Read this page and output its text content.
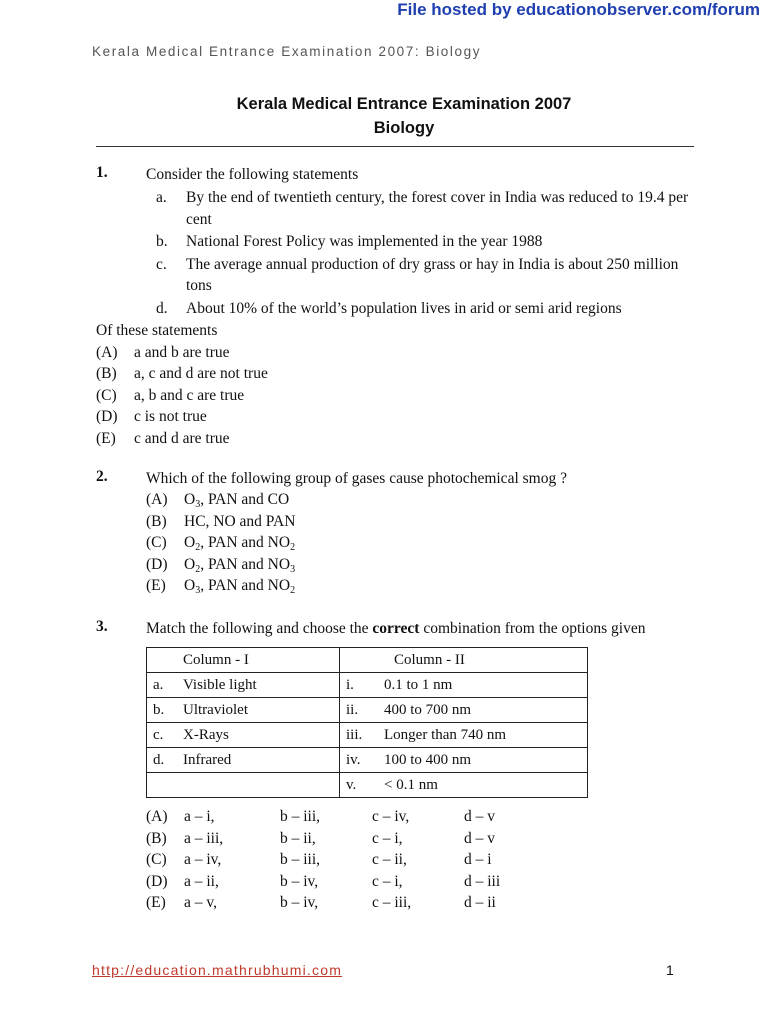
File hosted by educationobserver.com/forum
Kerala Medical Entrance Examination 2007: Biology
Kerala Medical Entrance Examination 2007
Biology
1. Consider the following statements
a. By the end of twentieth century, the forest cover in India was reduced to 19.4 per cent
b. National Forest Policy was implemented in the year 1988
c. The average annual production of dry grass or hay in India is about 250 million tons
d. About 10% of the world’s population lives in arid or semi arid regions
Of these statements
(A) a and b are true
(B) a, c and d are not true
(C) a, b and c are true
(D) c is not true
(E) c and d are true
2. Which of the following group of gases cause photochemical smog ?
(A) $O_3$, PAN and CO
(B) HC, NO and PAN
(C) $O_2$, PAN and $NO_2$
(D) $O_2$, PAN and $NO_3$
(E) $O_3$, PAN and $NO_2$
3. Match the following and choose the correct combination from the options given
Column - I	Column - II
a. Visible light	i. 0.1 to 1 nm
b. Ultraviolet	ii. 400 to 700 nm
c. X-Rays	iii. Longer than 740 nm
d. Infrared	iv. 100 to 400 nm
	v. < 0.1 nm
(A)	a – i,	b – iii,	c – iv,	d – v
(B)	a – iii,	b – ii,	c – i,	d – v
(C)	a – iv,	b – iii,	c – ii,	d – i
(D)	a – ii,	b – iv,	c – i,	d – iii
(E)	a – v,	b – iv,	c – iii,	d – ii
http://education.mathrubhumi.com	1
